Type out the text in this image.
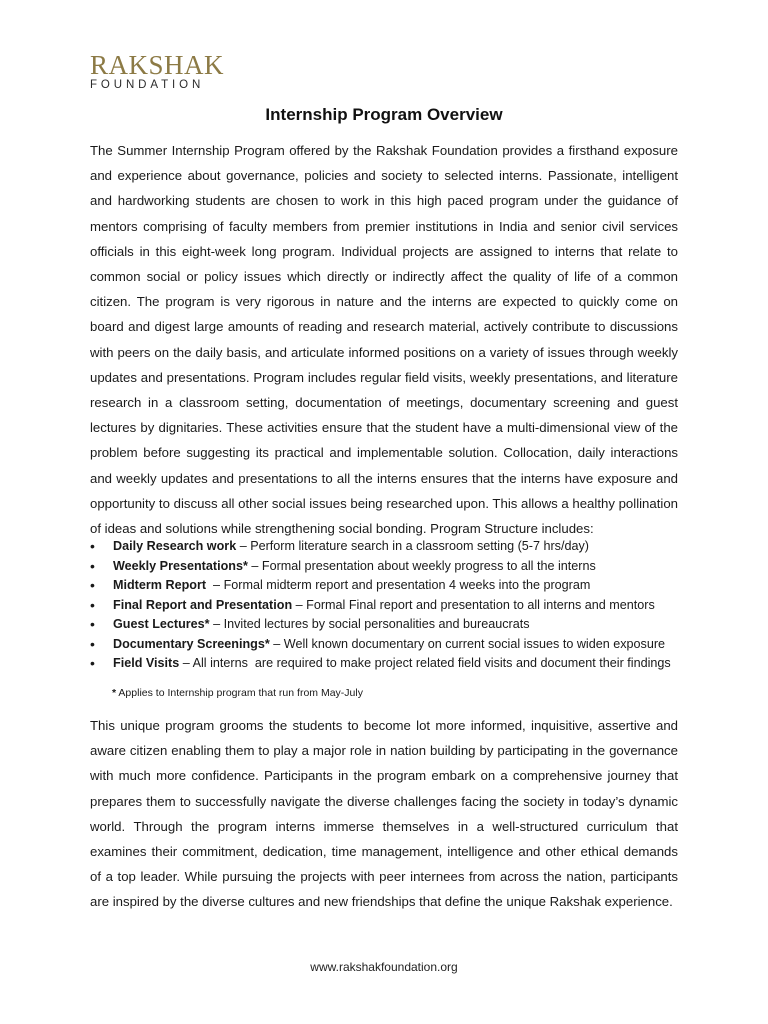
RAKSHAK
FOUNDATION
Internship Program Overview

The Summer Internship Program offered by the Rakshak Foundation provides a firsthand exposure and experience about governance, policies and society to selected interns. Passionate, intelligent and hardworking students are chosen to work in this high paced program under the guidance of mentors comprising of faculty members from premier institutions in India and senior civil services officials in this eight-week long program. Individual projects are assigned to interns that relate to common social or policy issues which directly or indirectly affect the quality of life of a common citizen. The program is very rigorous in nature and the interns are expected to quickly come on board and digest large amounts of reading and research material, actively contribute to discussions with peers on the daily basis, and articulate informed positions on a variety of issues through weekly updates and presentations. Program includes regular field visits, weekly presentations, and literature research in a classroom setting, documentation of meetings, documentary screening and guest lectures by dignitaries. These activities ensure that the student have a multi-dimensional view of the problem before suggesting its practical and implementable solution. Collocation, daily interactions and weekly updates and presentations to all the interns ensures that the interns have exposure and opportunity to discuss all other social issues being researched upon. This allows a healthy pollination of ideas and solutions while strengthening social bonding. Program Structure includes:

• Daily Research work – Perform literature search in a classroom setting (5-7 hrs/day)
• Weekly Presentations* – Formal presentation about weekly progress to all the interns
• Midterm Report  – Formal midterm report and presentation 4 weeks into the program
• Final Report and Presentation – Formal Final report and presentation to all interns and mentors
• Guest Lectures* – Invited lectures by social personalities and bureaucrats
• Documentary Screenings* – Well known documentary on current social issues to widen exposure
• Field Visits – All interns  are required to make project related field visits and document their findings
* Applies to Internship program that run from May-July

This unique program grooms the students to become lot more informed, inquisitive, assertive and aware citizen enabling them to play a major role in nation building by participating in the governance with much more confidence. Participants in the program embark on a comprehensive journey that prepares them to successfully navigate the diverse challenges facing the society in today’s dynamic world. Through the program interns immerse themselves in a well-structured curriculum that examines their commitment, dedication, time management, intelligence and other ethical demands of a top leader. While pursuing the projects with peer internees from across the nation, participants are inspired by the diverse cultures and new friendships that define the unique Rakshak experience.

www.rakshakfoundation.org
